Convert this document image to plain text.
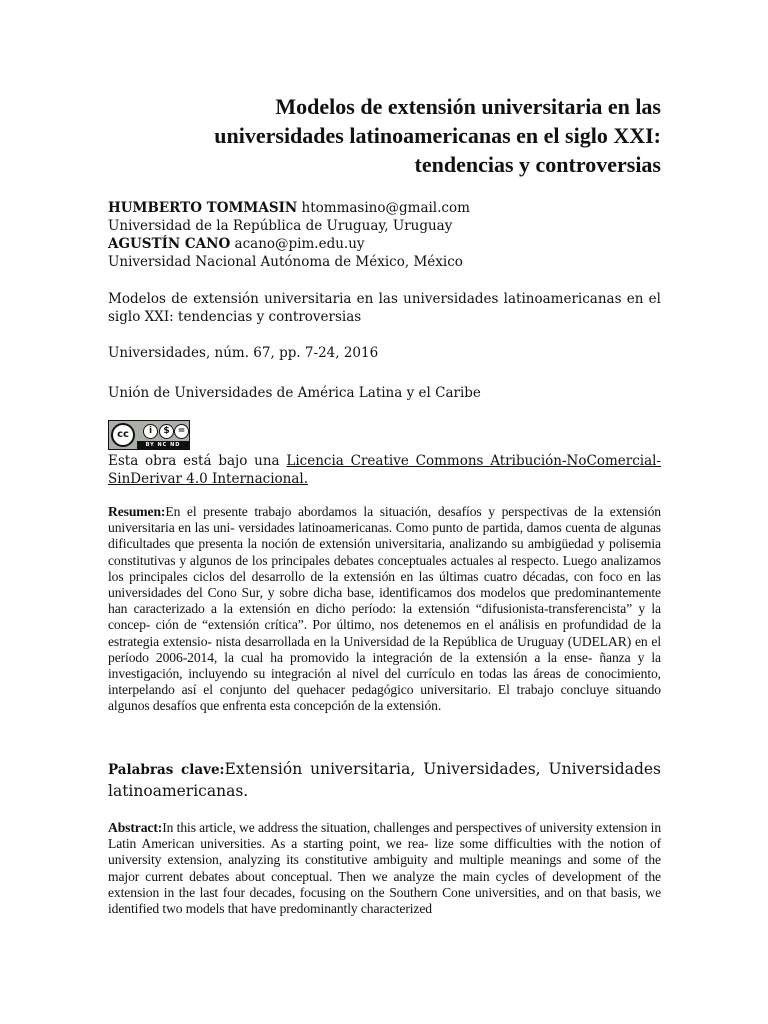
Modelos de extensión universitaria en las
universidades latinoamericanas en el siglo XXI:
tendencias y controversias
HUMBERTO TOMMASIN htommasino@gmail.com
Universidad de la República de Uruguay, Uruguay
AGUSTÍN CANO acano@pim.edu.uy
Universidad Nacional Autónoma de México, México
Modelos de extensión universitaria en las universidades latinoamericanas en el siglo XXI: tendencias y controversias
Universidades, núm. 67, pp. 7-24, 2016
Unión de Universidades de América Latina y el Caribe
cc	i	$ =
BY NC ND
Esta obra está bajo una Licencia Creative Commons Atribución-NoComercial-SinDerivar 4.0 Internacional.

Resumen:En el presente trabajo abordamos la situación, desafíos y perspectivas de la extensión universitaria en las uni- versidades latinoamericanas. Como punto de partida, damos cuenta de algunas dificultades que presenta la noción de extensión universitaria, analizando su ambigüedad y polisemia constitutivas y algunos de los principales debates conceptuales actuales al respecto. Luego analizamos los principales ciclos del desarrollo de la extensión en las últimas cuatro décadas, con foco en las universidades del Cono Sur, y sobre dicha base, identificamos dos modelos que predominantemente han caracterizado a la extensión en dicho período: la extensión “difusionista-transferencista” y la concep- ción de “extensión crítica”. Por último, nos detenemos en el análisis en profundidad de la estrategia extensio- nista desarrollada en la Universidad de la República de Uruguay (UDELAR) en el período 2006-2014, la cual ha promovido la integración de la extensión a la ense- ñanza y la investigación, incluyendo su integración al nivel del currículo en todas las áreas de conocimiento, interpelando así el conjunto del quehacer pedagógico universitario. El trabajo concluye situando algunos desafíos que enfrenta esta concepción de la extensión.

Palabras clave:Extensión universitaria, Universidades, Universidades latinoamericanas.

Abstract:In this article, we address the situation, challenges and perspectives of university extension in Latin American universities. As a starting point, we rea- lize some difficulties with the notion of university extension, analyzing its constitutive ambiguity and multiple meanings and some of the major current debates about conceptual. Then we analyze the main cycles of development of the extension in the last four decades, focusing on the Southern Cone universities, and on that basis, we identified two models that have predominantly characterized
